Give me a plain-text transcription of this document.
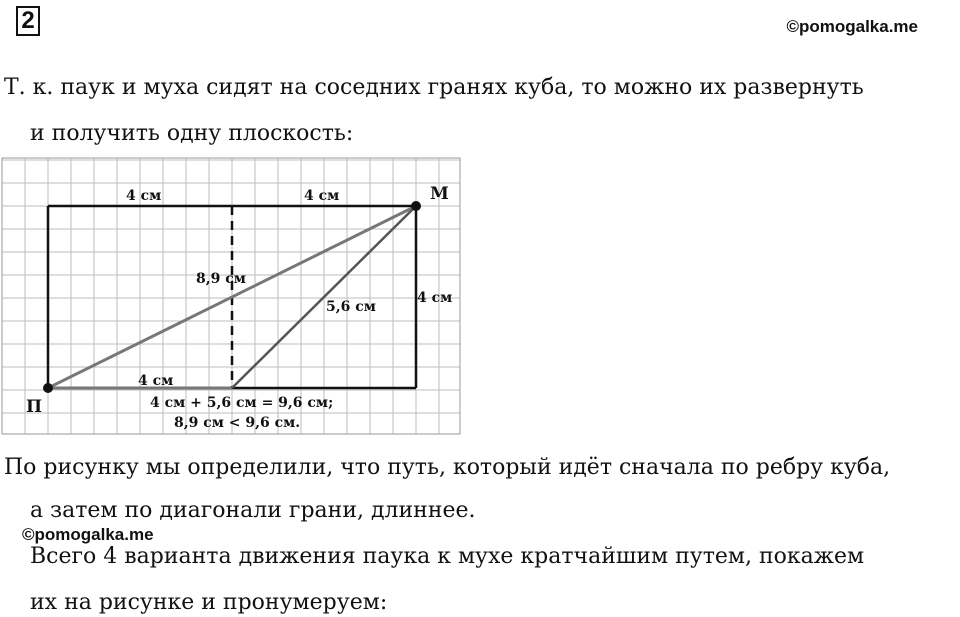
2	©pomogalka.me
Т. к. паук и муха сидят на соседних гранях куба, то можно их развернуть
и получить одну плоскость:
4 см	4 см	М
4 см
8,9 см
5,6 см
4 см
П	4 см + 5,6 см = 9,6 см;
8,9 см < 9,6 см.
По рисунку мы определили, что путь, который идёт сначала по ребру куба,
а затем по диагонали грани, длиннее.
©pomogalka.me
Всего 4 варианта движения паука к мухе кратчайшим путем, покажем
их на рисунке и пронумеруем:
